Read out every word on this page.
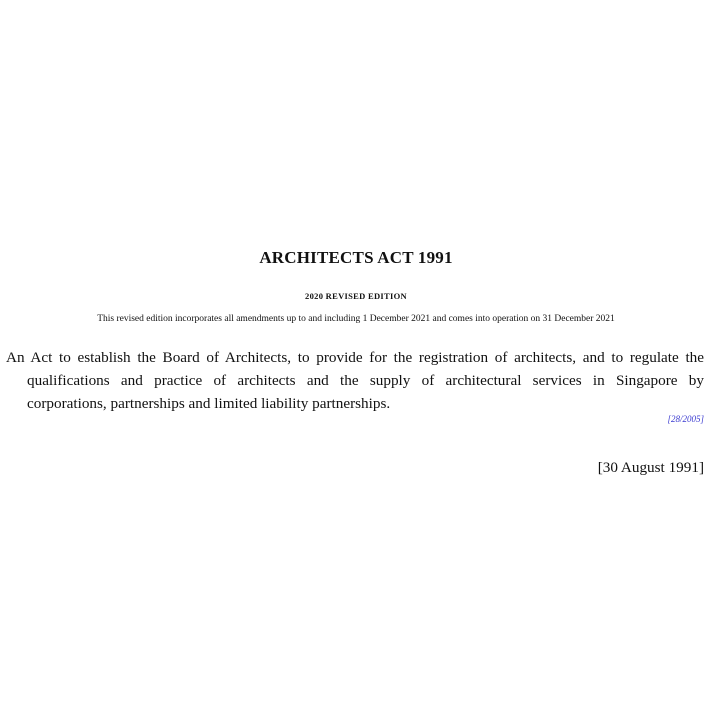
ARCHITECTS ACT 1991
2020 REVISED EDITION
This revised edition incorporates all amendments up to and including 1 December 2021 and comes into operation on 31 December 2021
An Act to establish the Board of Architects, to provide for the registration of architects, and to regulate the
qualifications and practice of architects and the supply of architectural services in Singapore by
corporations, partnerships and limited liability partnerships.
[28/2005]
[30 August 1991]
